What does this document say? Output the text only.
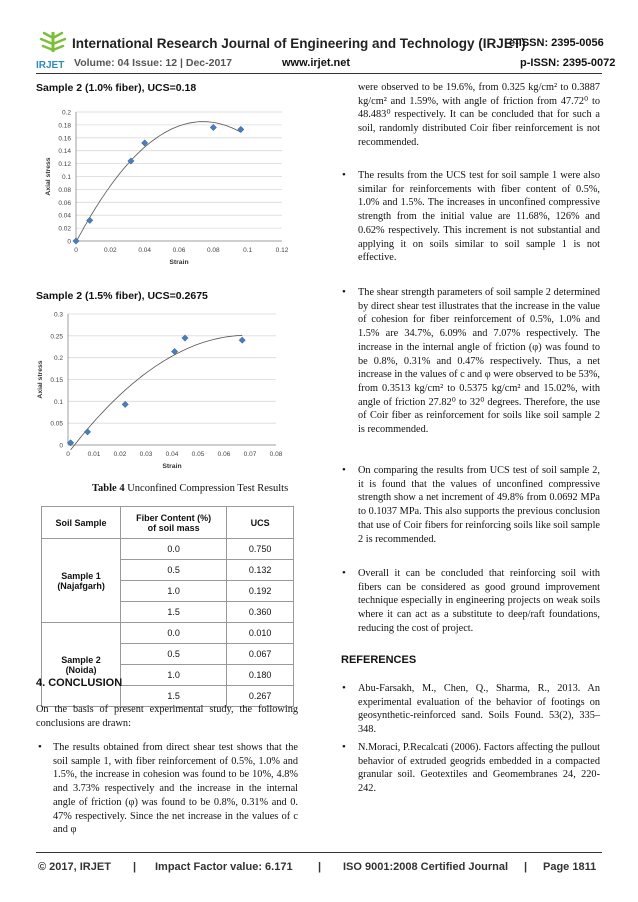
IRJET
International Research Journal of Engineering and Technology (IRJET)
e-ISSN: 2395-0056
Volume: 04 Issue: 12 | Dec-2017	www.irjet.net	p-ISSN: 2395-0072
Sample 2 (1.0% fiber), UCS=0.18
0
0.02
0.04
0.06
0.08
0.1
0.12
0.14
0.16
0.18
0.2
0	0.02	0.04	0.06	0.08	0.1	0.12
Strain
Axial stress
Sample 2 (1.5% fiber), UCS=0.2675
0
0.05
0.1
0.15
0.2
0.25
0.3
0	0.01 0.02 0.03 0.04 0.05 0.06 0.07 0.08
Strain
Axial stress
Table 4 Unconfined Compression Test Results
Soil Sample	Fiber Content (%)
of soil mass	UCS
Sample 1
(Najafgarh)	0.0	0.750
	0.5	0.132
	1.0	0.192
	1.5	0.360
Sample 2
(Noida)	0.0	0.010
	0.5	0.067
	1.0	0.180
	1.5	0.267
4. CONCLUSION
On the basis of present experimental study, the following conclusions are drawn:
• The results obtained from direct shear test shows that the soil sample 1, with fiber reinforcement of 0.5%, 1.0% and 1.5%, the increase in cohesion was found to be 10%, 4.8% and 3.73% respectively and the increase in the internal angle of friction (φ) was found to be 0.8%, 0.31% and 0. 47% respectively. Since the net increase in the values of c and φ
were observed to be 19.6%, from 0.325 kg/cm² to 0.3887 kg/cm² and 1.59%, with angle of friction from 47.72⁰ to 48.483⁰ respectively. It can be concluded that for such a soil, randomly distributed Coir fiber reinforcement is not recommended.
• The results from the UCS test for soil sample 1 were also similar for reinforcements with fiber content of 0.5%, 1.0% and 1.5%. The increases in unconfined compressive strength from the initial value are 11.68%, 126% and 0.62% respectively. This increment is not substantial and applying it on soils similar to soil sample 1 is not effective.
• The shear strength parameters of soil sample 2 determined by direct shear test illustrates that the increase in the value of cohesion for fiber reinforcement of 0.5%, 1.0% and 1.5% are 34.7%, 6.09% and 7.07% respectively. The increase in the internal angle of friction (φ) was found to be 0.8%, 0.31% and 0.47% respectively. Thus, a net increase in the values of c and φ were observed to be 53%, from 0.3513 kg/cm² to 0.5375 kg/cm² and 15.02%, with angle of friction 27.82⁰ to 32⁰ degrees. Therefore, the use of Coir fiber as reinforcement for soils like soil sample 2 is recommended.
• On comparing the results from UCS test of soil sample 2, it is found that the values of unconfined compressive strength show a net increment of 49.8% from 0.0692 MPa to 0.1037 MPa. This also supports the previous conclusion that use of Coir fibers for reinforcing soils like soil sample 2 is recommended.
• Overall it can be concluded that reinforcing soil with fibers can be considered as good ground improvement technique especially in engineering projects on weak soils where it can act as a substitute to deep/raft foundations, reducing the cost of project.
REFERENCES
• Abu-Farsakh, M., Chen, Q., Sharma, R., 2013. An experimental evaluation of the behavior of footings on geosynthetic-reinforced sand. Soils Found. 53(2), 335–348.
• N.Moraci, P.Recalcati (2006). Factors affecting the pullout behavior of extruded geogrids embedded in a compacted granular soil. Geotextiles and Geomembranes 24, 220-242.
© 2017, IRJET | Impact Factor value: 6.171 | ISO 9001:2008 Certified Journal | Page 1811
